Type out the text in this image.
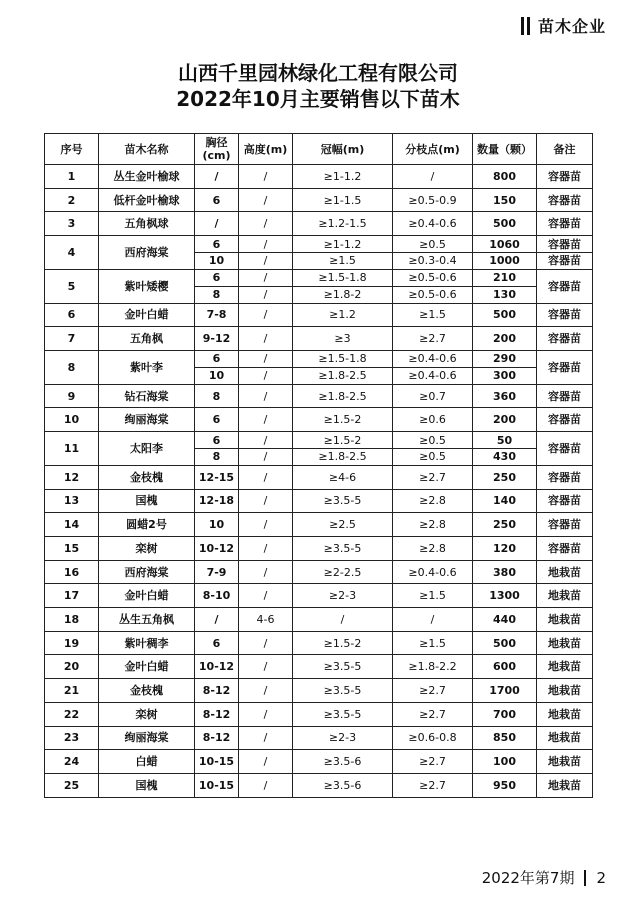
苗木企业
山西千里园林绿化工程有限公司
2022年10月主要销售以下苗木
序号	苗木名称	胸径(cm)	高度(m)	冠幅(m)	分枝点(m)	数量（颗）	备注
1	丛生金叶榆球	/	/	≥1-1.2	/	800	容器苗
2	低杆金叶榆球	6	/	≥1-1.5	≥0.5-0.9	150	容器苗
3	五角枫球	/	/	≥1.2-1.5	≥0.4-0.6	500	容器苗
4	西府海棠	6	/	≥1-1.2	≥0.5	1060	容器苗
		10	/	≥1.5	≥0.3-0.4	1000	容器苗
5	紫叶矮樱	6	/	≥1.5-1.8	≥0.5-0.6	210	容器苗
		8	/	≥1.8-2	≥0.5-0.6	130	
6	金叶白蜡	7-8	/	≥1.2	≥1.5	500	容器苗
7	五角枫	9-12	/	≥3	≥2.7	200	容器苗
8	紫叶李	6	/	≥1.5-1.8	≥0.4-0.6	290	容器苗
		10	/	≥1.8-2.5	≥0.4-0.6	300	
9	钻石海棠	8	/	≥1.8-2.5	≥0.7	360	容器苗
10	绚丽海棠	6	/	≥1.5-2	≥0.6	200	容器苗
11	太阳李	6	/	≥1.5-2	≥0.5	50	容器苗
		8	/	≥1.8-2.5	≥0.5	430	
12	金枝槐	12-15	/	≥4-6	≥2.7	250	容器苗
13	国槐	12-18	/	≥3.5-5	≥2.8	140	容器苗
14	圆蜡2号	10	/	≥2.5	≥2.8	250	容器苗
15	栾树	10-12	/	≥3.5-5	≥2.8	120	容器苗
16	西府海棠	7-9	/	≥2-2.5	≥0.4-0.6	380	地栽苗
17	金叶白蜡	8-10	/	≥2-3	≥1.5	1300	地栽苗
18	丛生五角枫	/	4-6	/	/	440	地栽苗
19	紫叶稠李	6	/	≥1.5-2	≥1.5	500	地栽苗
20	金叶白蜡	10-12	/	≥3.5-5	≥1.8-2.2	600	地栽苗
21	金枝槐	8-12	/	≥3.5-5	≥2.7	1700	地栽苗
22	栾树	8-12	/	≥3.5-5	≥2.7	700	地栽苗
23	绚丽海棠	8-12	/	≥2-3	≥0.6-0.8	850	地栽苗
24	白蜡	10-15	/	≥3.5-6	≥2.7	100	地栽苗
25	国槐	10-15	/	≥3.5-6	≥2.7	950	地栽苗
2022年第7期 2
